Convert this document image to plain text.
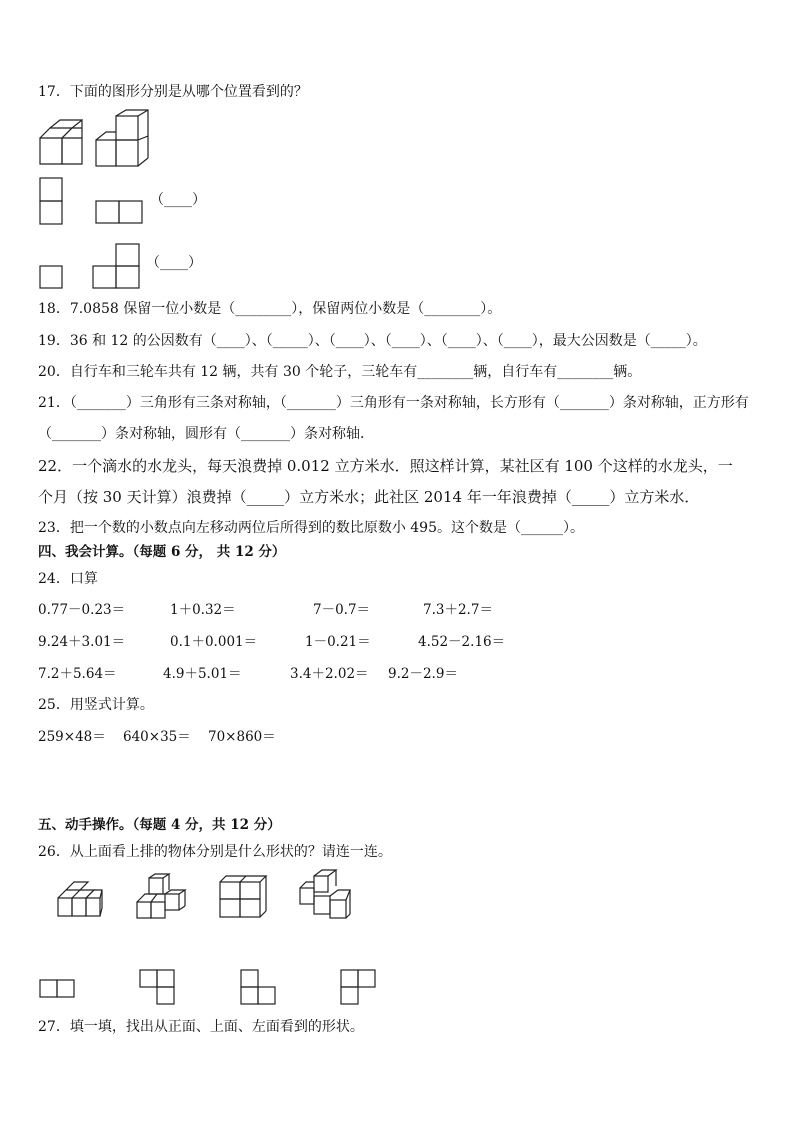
17．下面的图形分别是从哪个位置看到的？
（____）
（____）
18．7.0858 保留一位小数是（________），保留两位小数是（________）。
19．36 和 12 的公因数有（____）、（_____）、（____）、（____）、（____）、（____），最大公因数是（_____）。
20．自行车和三轮车共有 12 辆，共有 30 个轮子，三轮车有________辆，自行车有________辆。
21．（_______）三角形有三条对称轴，（_______）三角形有一条对称轴，长方形有（_______）条对称轴，正方形有
（_______）条对称轴，圆形有（_______）条对称轴．
22．一个滴水的水龙头，每天浪费掉 0.012 立方米水．照这样计算，某社区有 100 个这样的水龙头，一
个月（按 30 天计算）浪费掉（_____）立方米水；此社区 2014 年一年浪费掉（_____）立方米水．
23．把一个数的小数点向左移动两位后所得到的数比原数小 495。这个数是（______）。
四、我会计算。（每题 6 分， 共 12 分）
24．口算
0.77－0.23＝	1＋0.32＝	7－0.7＝	7.3＋2.7＝
9.24＋3.01＝	0.1＋0.001＝	1－0.21＝	4.52－2.16＝
7.2＋5.64＝	4.9＋5.01＝	3.4＋2.02＝ 9.2－2.9＝
25．用竖式计算。
259×48＝ 640×35＝ 70×860＝
五、动手操作。（每题 4 分，共 12 分）
26．从上面看上排的物体分别是什么形状的？请连一连。
27．填一填，找出从正面、上面、左面看到的形状。
